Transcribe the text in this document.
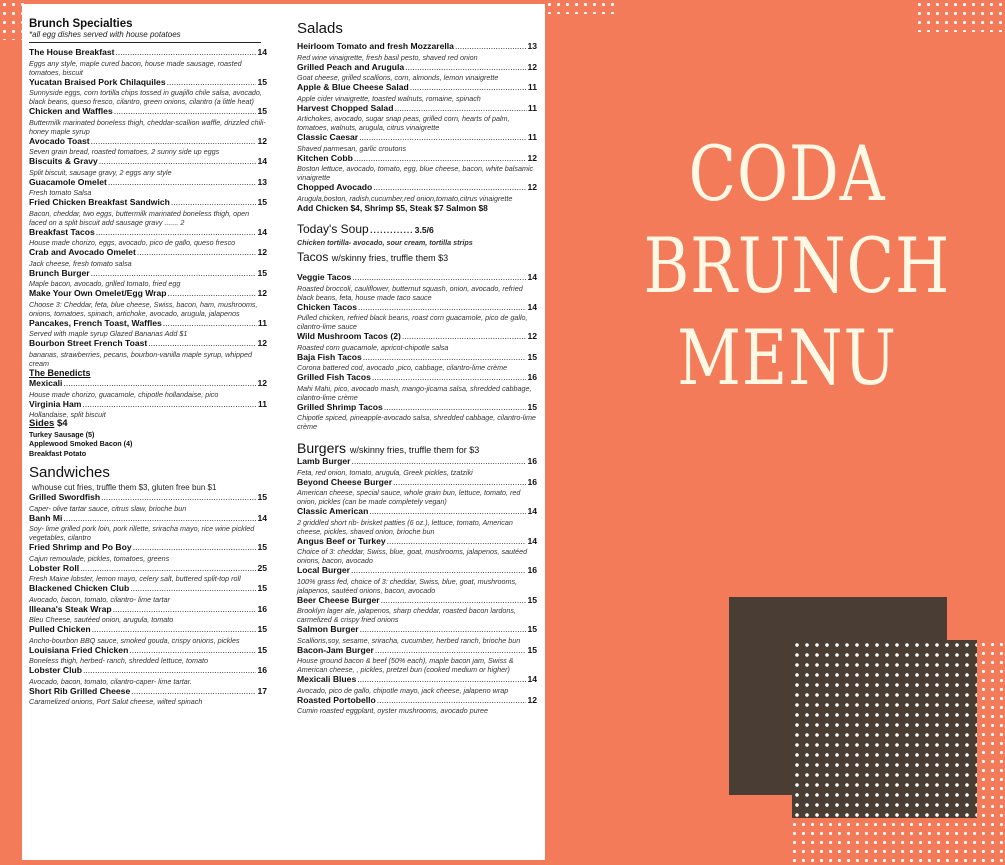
CODA
BRUNCH
MENU
Brunch Specialties
*all egg dishes served with house potatoes
The House Breakfast .....	14
Eggs any style, maple cured bacon, house made sausage, roasted tomatoes, biscuit
Yucatan Braised Pork Chilaquiles .....	15
Sunnyside eggs, corn tortilla chips tossed in guajillo chile salsa, avocado, black beans, queso fresco, cilantro, green onions, cilantro (a little heat)
Chicken and Waffles .....	15
Buttermilk marinated boneless thigh, cheddar-scallion waffle, drizzled chili-honey maple syrup
Avocado Toast .....	12
Seven grain bread, roasted tomatoes, 2 sunny side up eggs
Biscuits & Gravy .....	14
Split biscuit, sausage gravy, 2 eggs any style
Guacamole Omelet .....	13
Fresh tomato Salsa
Fried Chicken Breakfast Sandwich .....	15
Bacon, cheddar, two eggs, buttermilk marinated boneless thigh, open faced on a split biscuit add sausage gravy ....... 2
Breakfast Tacos .....	14
House made chorizo, eggs, avocado, pico de gallo, queso fresco
Crab and Avocado Omelet .....	12
Jack cheese, fresh tomato salsa
Brunch Burger .....	15
Maple bacon, avocado, grilled tomato, fried egg
Make Your Own Omelet/Egg Wrap .....	12
Choose 3: Cheddar, feta, blue cheese, Swiss, bacon, ham, mushrooms, onions, tomatoes, spinach, artichoke, avocado, arugula, jalapenos
Pancakes, French Toast, Waffles .....	11
Served with maple syrup Glazed Bananas Add $1
Bourbon Street French Toast .....	12
bananas, strawberries, pecans, bourbon-vanilla maple syrup, whipped cream
The Benedicts
Mexicali .....	12
House made chorizo, guacamole, chipotle hollandaise, pico
Virginia Ham .....	11
Hollandaise, split biscuit
Sides $4
Turkey Sausage (5)
Applewood Smoked Bacon (4)
Breakfast Potato
Sandwiches
w/house cut fries, truffle them $3, gluten free bun $1
Grilled Swordfish .....	15
Caper- olive tartar sauce, citrus slaw, brioche bun
Banh Mi .....	14
Soy- lime grilled pork loin, pork rillette, sriracha mayo, rice wine pickled vegetables, cilantro
Fried Shrimp and Po Boy .....	15
Cajun remoulade, pickles, tomatoes, greens
Lobster Roll .....	25
Fresh Maine lobster, lemon mayo, celery salt, buttered split-top roll
Blackened Chicken Club .....	15
Avocado, bacon, tomato, cilantro- lime tartar
Illeana's Steak Wrap .....	16
Bleu Cheese, sautéed onion, arugula, tomato
Pulled Chicken .....	15
Ancho-bourbon BBQ sauce, smoked gouda, crispy onions, pickles
Louisiana Fried Chicken .....	15
Boneless thigh, herbed- ranch, shredded lettuce, tomato
Lobster Club .....	16
Avocado, bacon, tomato, cilantro-caper- lime tartar.
Short Rib Grilled Cheese .....	17
Caramelized onions, Port Salut cheese, wilted spinach
Salads
Heirloom Tomato and fresh Mozzarella .....	13
Red wine vinaigrette, fresh basil pesto, shaved red onion
Grilled Peach and Arugula .....	12
Goat cheese, grilled scallions, corn, almonds, lemon vinaigrette
Apple & Blue Cheese Salad .....	11
Apple cider vinaigrette, toasted walnuts, romaine, spinach
Harvest Chopped Salad .....	11
Artichokes, avocado, sugar snap peas, grilled corn, hearts of palm, tomatoes, walnuts, arugula, citrus vinaigrette
Classic Caesar .....	11
Shaved parmesan, garlic croutons
Kitchen Cobb .....	12
Boston lettuce, avocado, tomato, egg, blue cheese, bacon, white balsamic vinaigrette
Chopped Avocado .....	12
Arugula,boston, radish,cucumber,red onion,tomato,citrus vinaigrette
Add Chicken $4, Shrimp $5, Steak $7 Salmon $8
Today's Soup .....	3.5/6
Chicken tortilla- avocado, sour cream, tortilla strips
Tacos w/skinny fries, truffle them $3
Veggie Tacos .....	14
Roasted broccoli, cauliflower, butternut squash, onion, avocado, refried black beans, feta, house made taco sauce
Chicken Tacos .....	14
Pulled chicken, refried black beans, roast corn guacamole, pico de gallo, cilantro-lime sauce
Wild Mushroom Tacos (2) .....	12
Roasted corn guacamole, apricot-chipotle salsa
Baja Fish Tacos .....	15
Corona battered cod, avocado ,pico, cabbage, cilantro-lime crème
Grilled Fish Tacos .....	16
Mahi Mahi, pico, avocado mash, mango-jicama salsa, shredded cabbage, cilantro-lime crème
Grilled Shrimp Tacos .....	15
Chipotle spiced, pineapple-avocado salsa, shredded cabbage, cilantro-lime crème
Burgers w/skinny fries, truffle them for $3
Lamb Burger .....	16
Feta, red onion, tomato, arugula, Greek pickles, tzatziki
Beyond Cheese Burger .....	16
American cheese, special sauce, whole grain bun, lettuce, tomato, red onion, pickles (can be made completely vegan)
Classic American .....	14
2 griddled short rib- brisket patties (6 oz.), lettuce, tomato, American cheese, pickles, shaved onion, brioche bun
Angus Beef or Turkey .....	14
Choice of 3: cheddar, Swiss, blue, goat, mushrooms, jalapenos, sautéed onions, bacon, avocado
Local Burger .....	16
100% grass fed, choice of 3: cheddar, Swiss, blue, goat, mushrooms, jalapenos, sautéed onions, bacon, avocado
Beer Cheese Burger .....	15
Brooklyn lager ale, jalapenos, sharp cheddar, roasted bacon lardons, carmelized & crispy fried onions
Salmon Burger .....	15
Scallions,soy, sesame, sriracha, cucumber, herbed ranch, brioche bun
Bacon-Jam Burger .....	15
House ground bacon & beef (50% each), maple bacon jam, Swiss & American cheese, , pickles, pretzel bun (cooked medium or higher)
Mexicali Blues .....	14
Avocado, pico de gallo, chipotle mayo, jack cheese, jalapeno wrap
Roasted Portobello .....	12
Cumin roasted eggplant, oyster mushrooms, avocado puree
